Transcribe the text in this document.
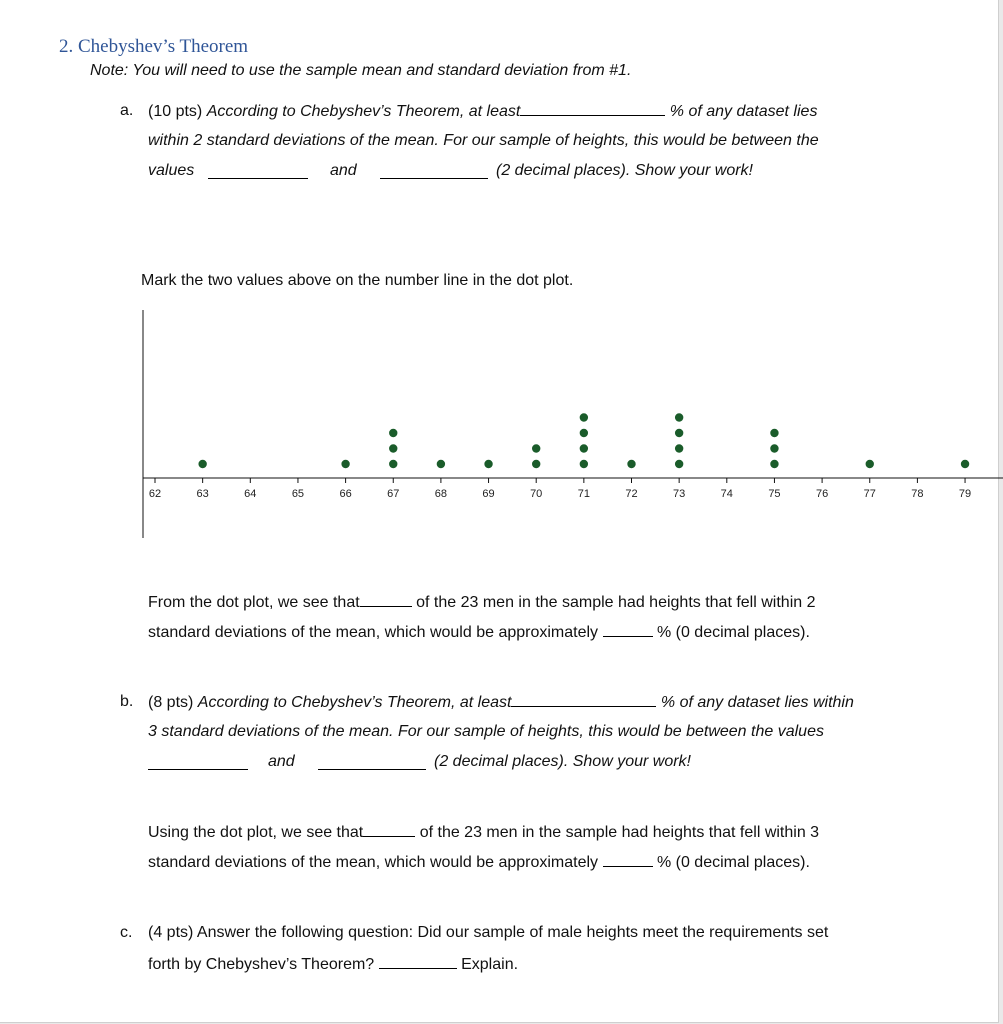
2. Chebyshev’s Theorem
Note: You will need to use the sample mean and standard deviation from #1.
a. (10 pts) According to Chebyshev’s Theorem, at least	% of any dataset lies
within 2 standard deviations of the mean. For our sample of heights, this would be between the
values	and	(2 decimal places). Show your work!
Mark the two values above on the number line in the dot plot.
62	63	64	65	66	67	68	69	70	71	72	73	74	75	76	77	78	79
From the dot plot, we see that	of the 23 men in the sample had heights that fell within 2
standard deviations of the mean, which would be approximately	% (0 decimal places).
b. (8 pts) According to Chebyshev’s Theorem, at least	% of any dataset lies within
3 standard deviations of the mean. For our sample of heights, this would be between the values
and	(2 decimal places). Show your work!
Using the dot plot, we see that	of the 23 men in the sample had heights that fell within 3
standard deviations of the mean, which would be approximately	% (0 decimal places).
c. (4 pts) Answer the following question: Did our sample of male heights meet the requirements set
forth by Chebyshev’s Theorem?	Explain.
